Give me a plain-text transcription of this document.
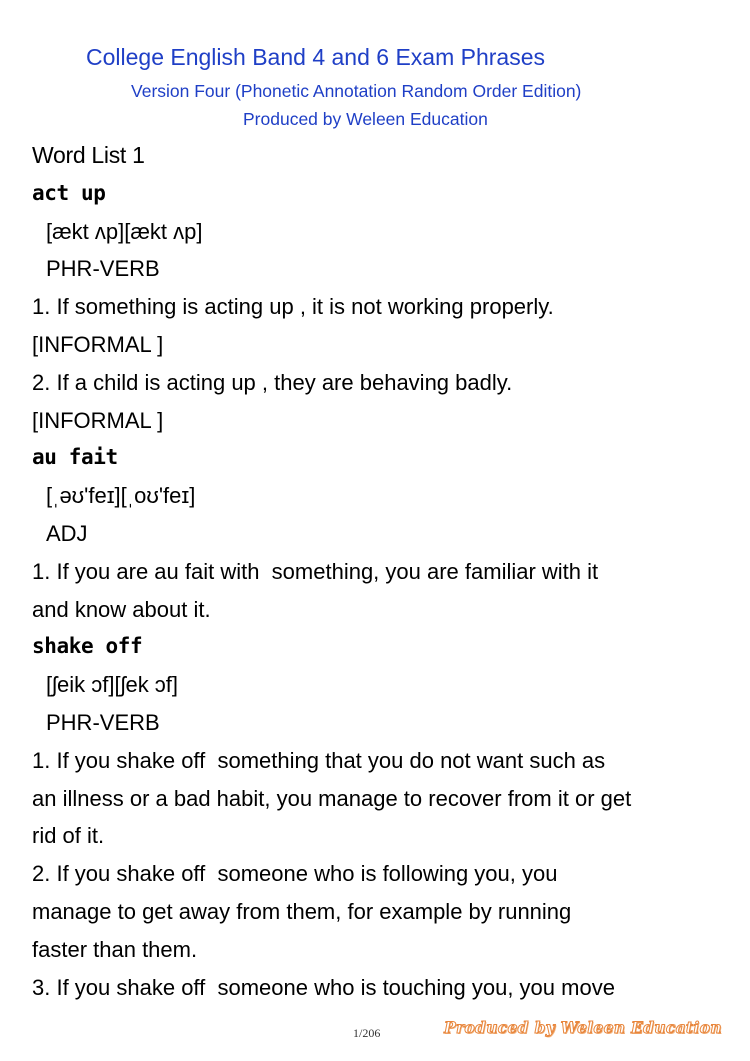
College English Band 4 and 6 Exam Phrases
Version Four (Phonetic Annotation Random Order Edition)
Produced by Weleen Education
Word List 1
act up
[ækt ʌp][ækt ʌp]
PHR-VERB
1. If something is acting up , it is not working properly.
[INFORMAL ]
2. If a child is acting up , they are behaving badly.
[INFORMAL ]
au fait
[ˌəʊ'feɪ][ˌoʊ'feɪ]
ADJ
1. If you are au fait with  something, you are familiar with it
and know about it.
shake off
[ʃeik ɔf][ʃek ɔf]
PHR-VERB
1. If you shake off  something that you do not want such as
an illness or a bad habit, you manage to recover from it or get
rid of it.
2. If you shake off  someone who is following you, you
manage to get away from them, for example by running
faster than them.
3. If you shake off  someone who is touching you, you move
1/206	Produced by Weleen Education
